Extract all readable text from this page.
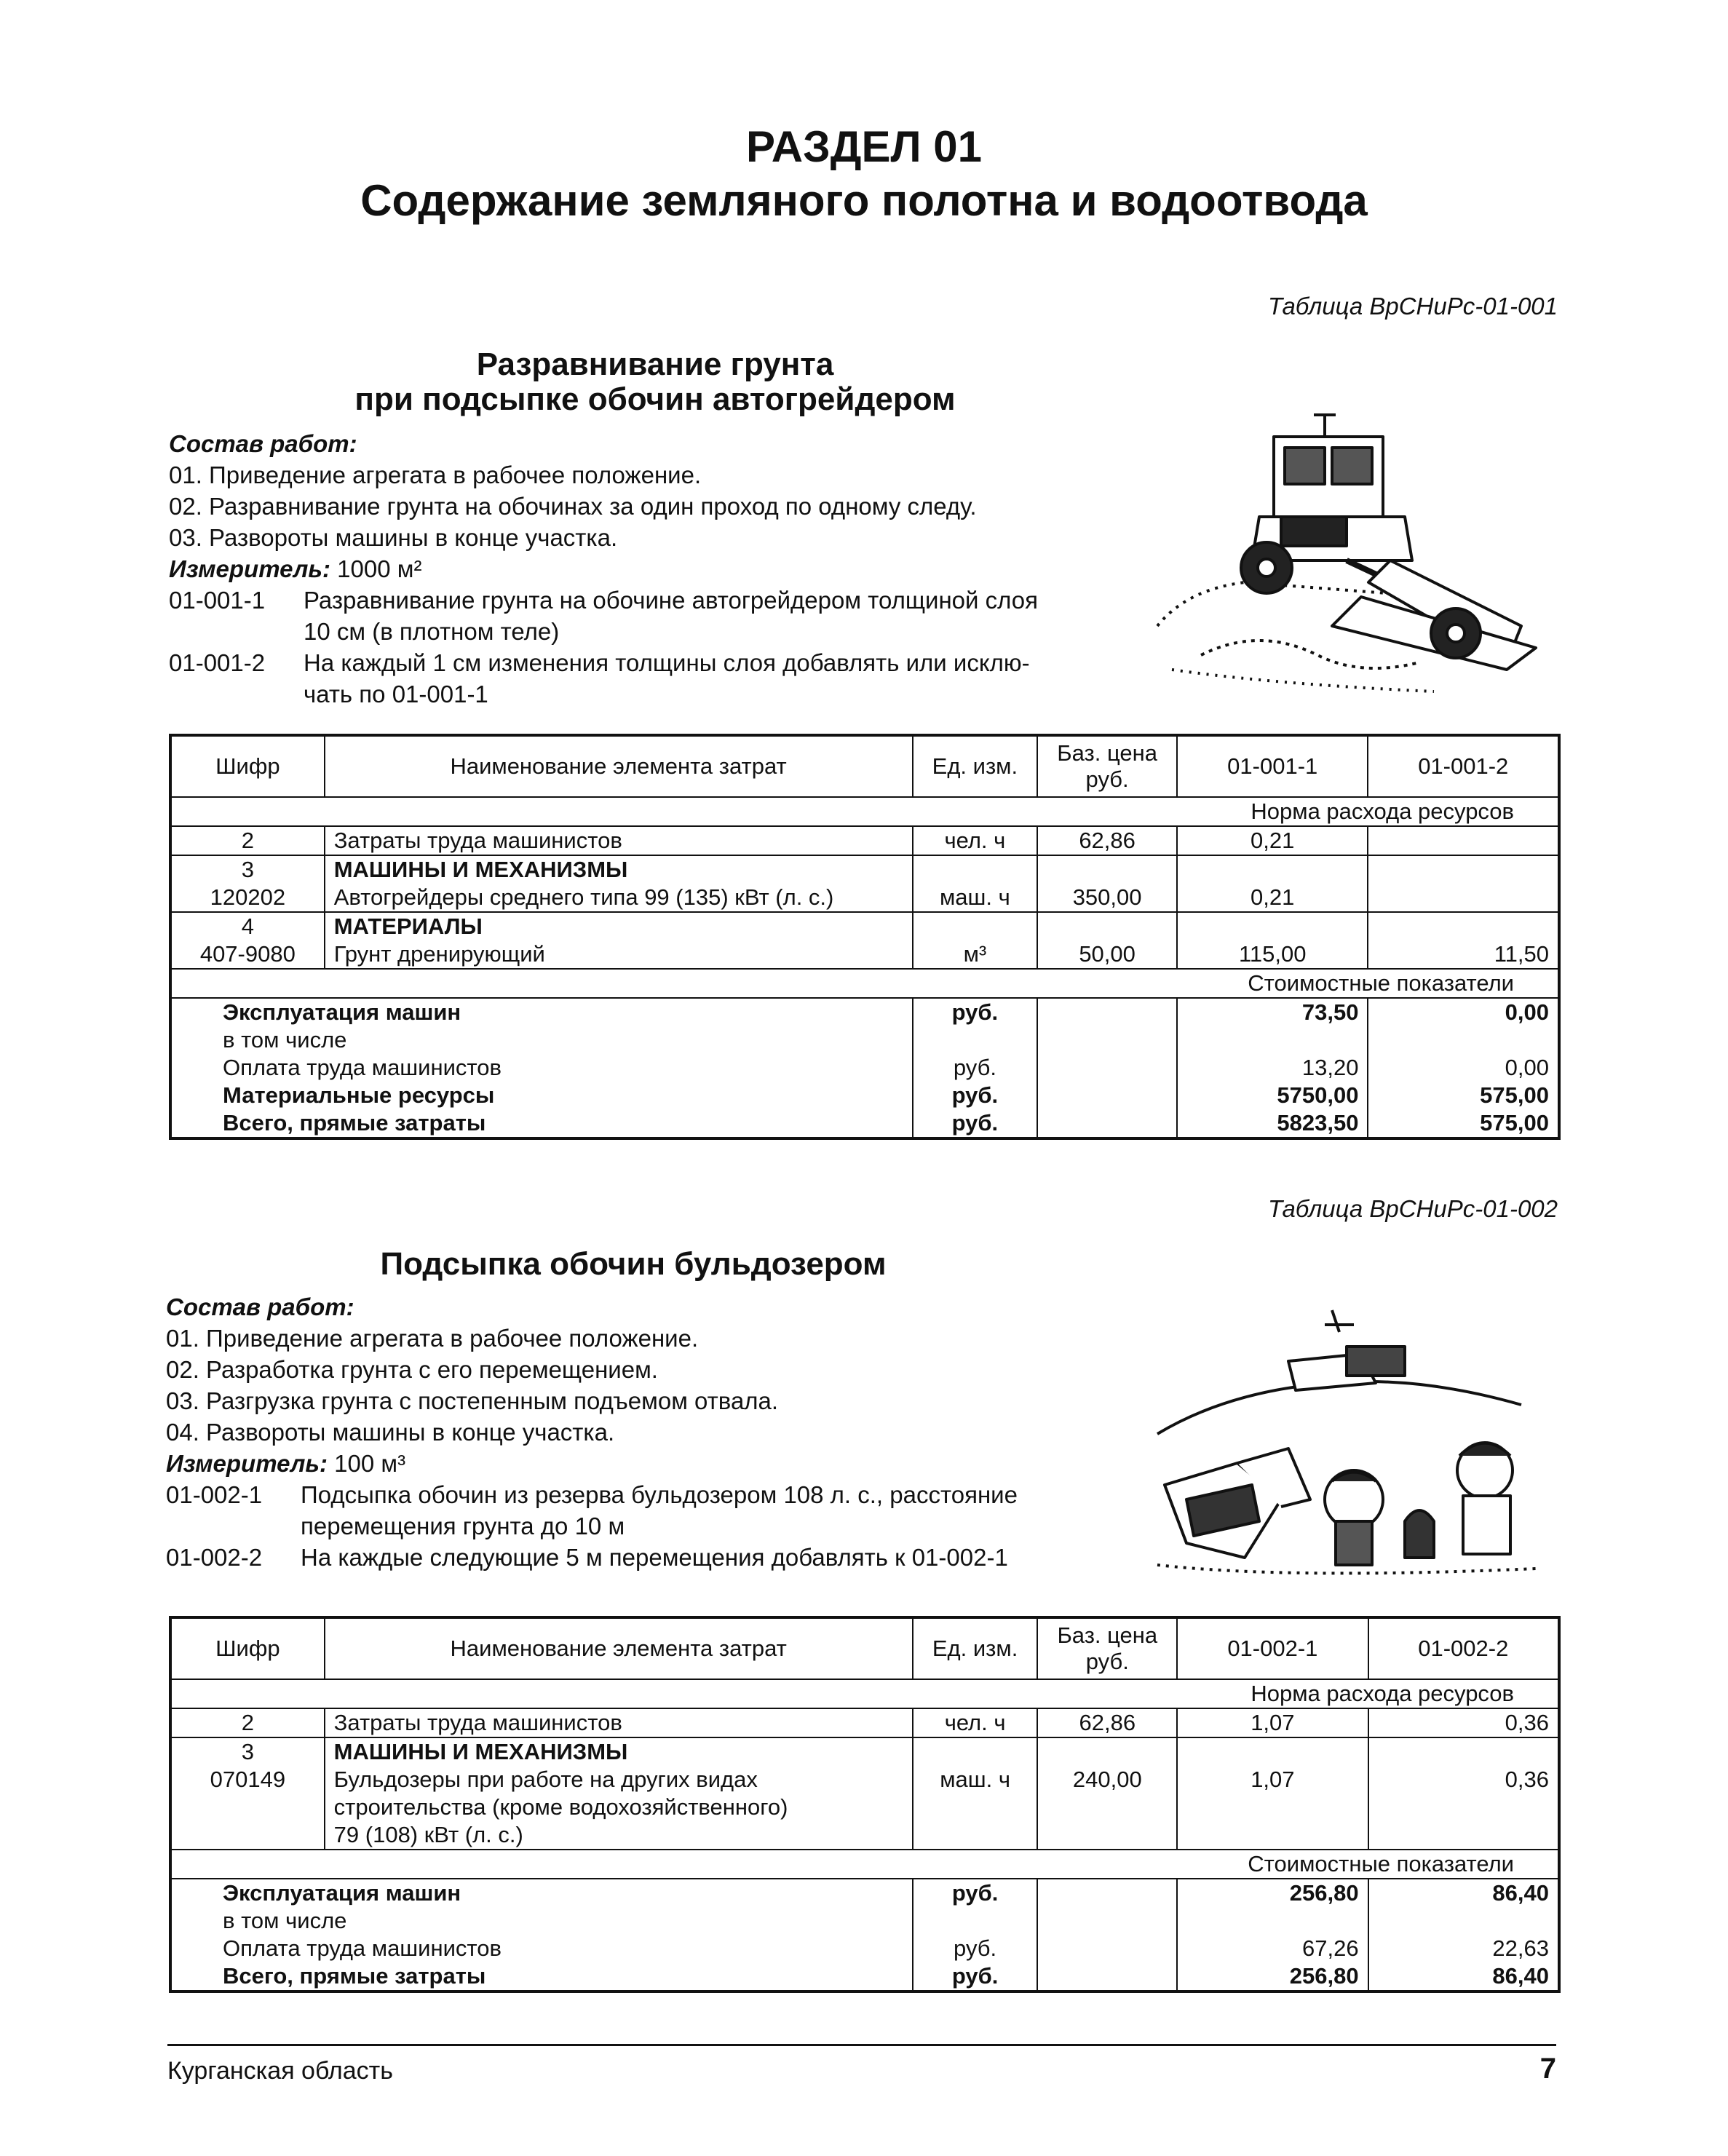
РАЗДЕЛ 01
Содержание земляного полотна и водоотвода
Таблица ВрСНиРс-01-001
Разравнивание грунта
при подсыпке обочин автогрейдером
Состав работ:
01. Приведение агрегата в рабочее положение.
02. Разравнивание грунта на обочинах за один проход по одному следу.
03. Развороты машины в конце участка.
Измеритель: 1000 м²
01-001-1 Разравнивание грунта на обочине автогрейдером толщиной слоя
10 см (в плотном теле)
01-001-2 На каждый 1 см изменения толщины слоя добавлять или исклю-
чать по 01-001-1
Шифр	Наименование элемента затрат	Ед. изм.	Баз. цена руб.	01-001-1	01-001-2
Норма расхода ресурсов					
2	Затраты труда машинистов	чел. ч	62,86	0,21	
3	МАШИНЫ И МЕХАНИЗМЫ				
120202	Автогрейдеры среднего типа 99 (135) кВт (л. с.)	маш. ч	350,00	0,21	
4	МАТЕРИАЛЫ				
407-9080	Грунт дренирующий	м³	50,00	115,00	11,50
Стоимостные показатели					
Эксплуатация машин		руб.		73,50	0,00
в том числе					
Оплата труда машинистов		руб.		13,20	0,00
Материальные ресурсы		руб.		5750,00	575,00
Всего, прямые затраты		руб.		5823,50	575,00
Таблица ВрСНиРс-01-002
Подсыпка обочин бульдозером
Состав работ:
01. Приведение агрегата в рабочее положение.
02. Разработка грунта с его перемещением.
03. Разгрузка грунта с постепенным подъемом отвала.
04. Развороты машины в конце участка.
Измеритель: 100 м³
01-002-1 Подсыпка обочин из резерва бульдозером 108 л. с., расстояние
перемещения грунта до 10 м
01-002-2 На каждые следующие 5 м перемещения добавлять к 01-002-1
Шифр	Наименование элемента затрат	Ед. изм.	Баз. цена руб.	01-002-1	01-002-2
Норма расхода ресурсов					
2	Затраты труда машинистов	чел. ч	62,86	1,07	0,36
3	МАШИНЫ И МЕХАНИЗМЫ				
070149	Бульдозеры при работе на других видах
строительства (кроме водохозяйственного)
79 (108) кВт (л. с.)	маш. ч	240,00	1,07	0,36
Стоимостные показатели					
Эксплуатация машин		руб.		256,80	86,40
в том числе					
Оплата труда машинистов		руб.		67,26	22,63
Всего, прямые затраты		руб.		256,80	86,40
Курганская область	7
